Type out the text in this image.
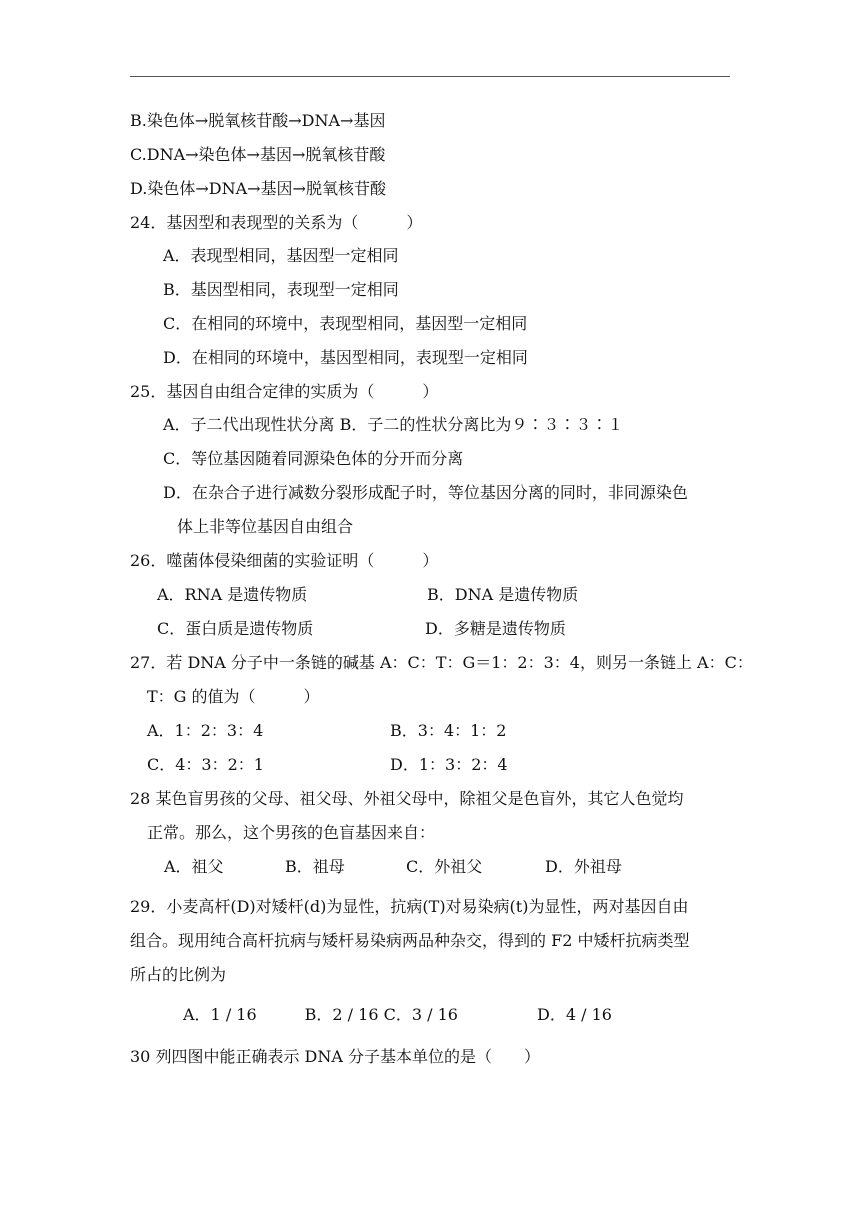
B.染色体→脱氧核苷酸→DNA→基因
C.DNA→染色体→基因→脱氧核苷酸
D.染色体→DNA→基因→脱氧核苷酸
24．基因型和表现型的关系为（　　　）
A．表现型相同，基因型一定相同
B．基因型相同，表现型一定相同
C．在相同的环境中，表现型相同，基因型一定相同
D．在相同的环境中，基因型相同，表现型一定相同
25．基因自由组合定律的实质为（　　　）
A．子二代出现性状分离 B．子二的性状分离比为９∶３∶３∶１
C．等位基因随着同源染色体的分开而分离
D．在杂合子进行减数分裂形成配子时，等位基因分离的同时，非同源染色
体上非等位基因自由组合
26．噬菌体侵染细菌的实验证明（　　　）
A．RNA 是遗传物质	B．DNA 是遗传物质
C．蛋白质是遗传物质	D．多糖是遗传物质
27．若 DNA 分子中一条链的碱基 A：C：T：G＝1：2：3：4，则另一条链上 A：C：
T：G 的值为（　　　）
A．1：2：3：4	B．3：4：1：2
C．4：3：2：1	D．1：3：2：4
28 某色盲男孩的父母、祖父母、外祖父母中，除祖父是色盲外，其它人色觉均
正常。那么，这个男孩的色盲基因来自：
A．祖父	B．祖母	C．外祖父	D．外祖母
29．小麦高杆(D)对矮杆(d)为显性，抗病(T)对易染病(t)为显性，两对基因自由
组合。现用纯合高杆抗病与矮杆易染病两品种杂交，得到的 F2 中矮杆抗病类型
所占的比例为
A．1 / 16　　　B．2 / 16 C．3 / 16	D．4 / 16
30 列四图中能正确表示 DNA 分子基本单位的是（　　）
